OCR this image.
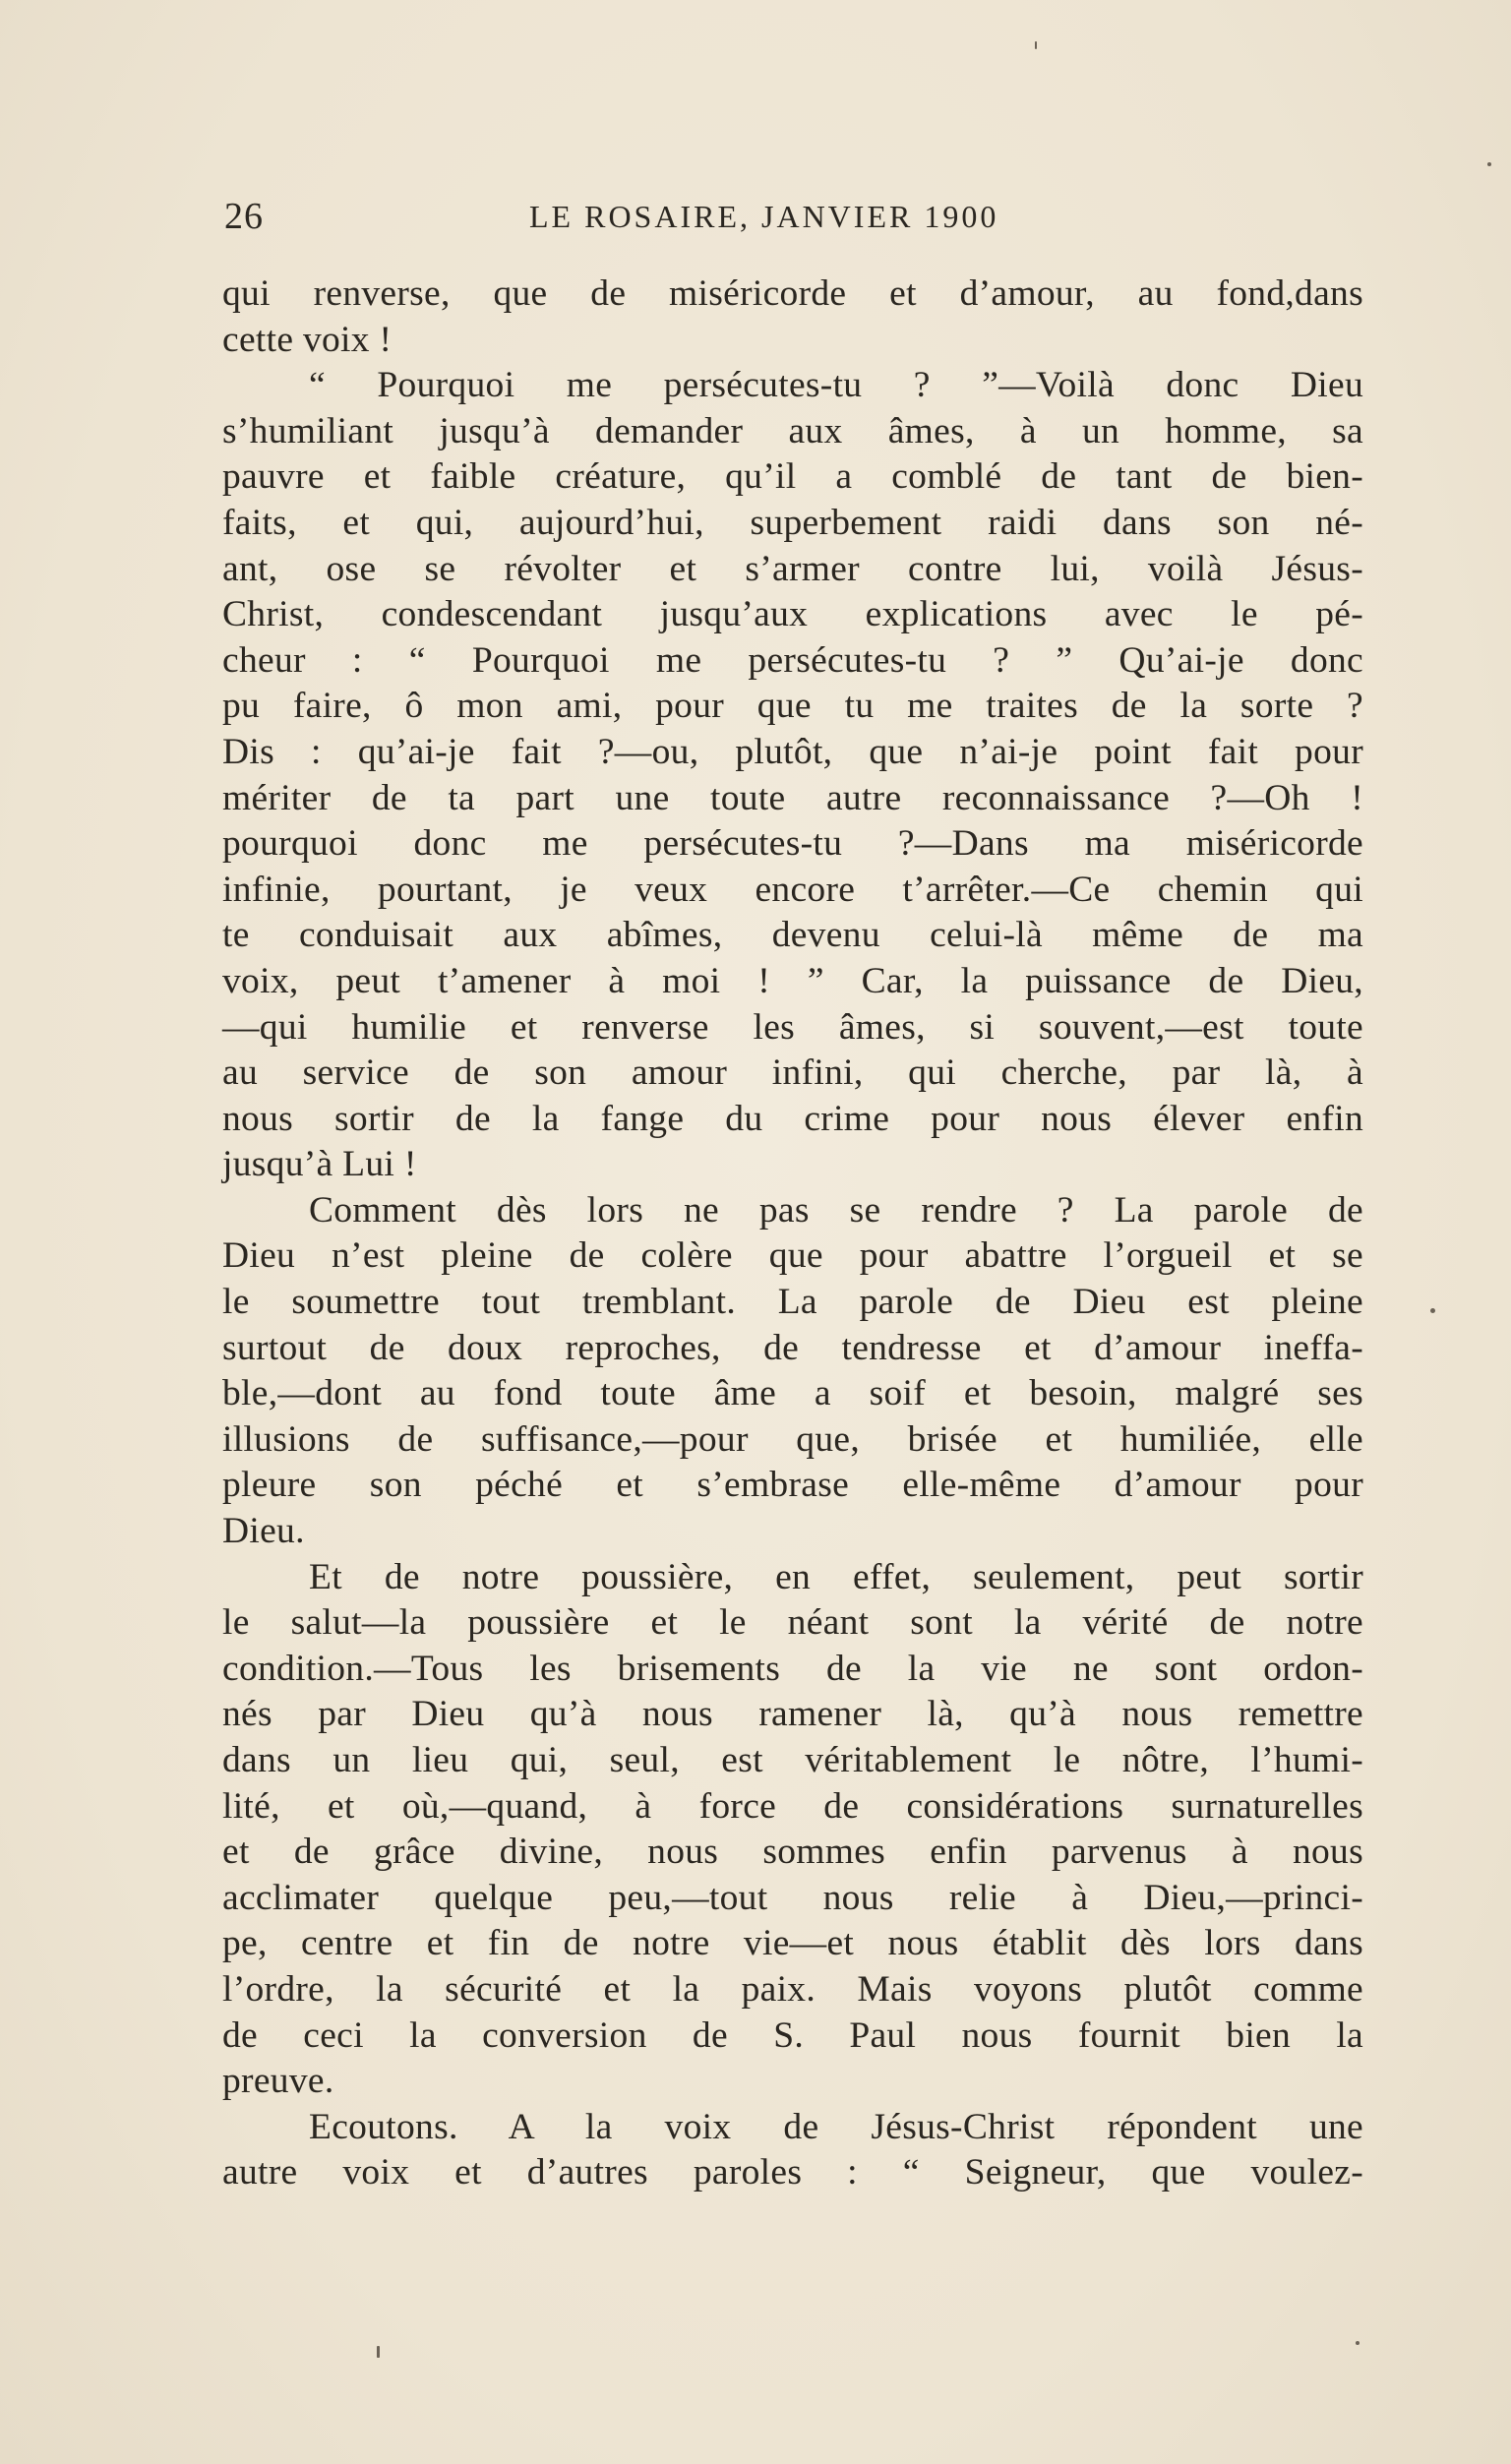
26	LE ROSAIRE, JANVIER 1900
qui renverse, que de miséricorde et d’amour, au fond,dans
cette voix !
“ Pourquoi me persécutes-tu ? ”—Voilà donc Dieu
s’humiliant jusqu’à demander aux âmes, à un homme, sa
pauvre et faible créature, qu’il a comblé de tant de bien-
faits, et qui, aujourd’hui, superbement raidi dans son né-
ant, ose se révolter et s’armer contre lui, voilà Jésus-
Christ, condescendant jusqu’aux explications avec le pé-
cheur : “ Pourquoi me persécutes-tu ? ” Qu’ai-je donc
pu faire, ô mon ami, pour que tu me traites de la sorte ?
Dis : qu’ai-je fait ?—ou, plutôt, que n’ai-je point fait pour
mériter de ta part une toute autre reconnaissance ?—Oh !
pourquoi donc me persécutes-tu ?—Dans ma miséricorde
infinie, pourtant, je veux encore t’arrêter.—Ce chemin qui
te conduisait aux abîmes, devenu celui-là même de ma
voix, peut t’amener à moi ! ” Car, la puissance de Dieu,
—qui humilie et renverse les âmes, si souvent,—est toute
au service de son amour infini, qui cherche, par là, à
nous sortir de la fange du crime pour nous élever enfin
jusqu’à Lui !
Comment dès lors ne pas se rendre ? La parole de
Dieu n’est pleine de colère que pour abattre l’orgueil et se
le soumettre tout tremblant. La parole de Dieu est pleine
surtout de doux reproches, de tendresse et d’amour ineffa-
ble,—dont au fond toute âme a soif et besoin, malgré ses
illusions de suffisance,—pour que, brisée et humiliée, elle
pleure son péché et s’embrase elle-même d’amour pour
Dieu.
Et de notre poussière, en effet, seulement, peut sortir
le salut—la poussière et le néant sont la vérité de notre
condition.—Tous les brisements de la vie ne sont ordon-
nés par Dieu qu’à nous ramener là, qu’à nous remettre
dans un lieu qui, seul, est véritablement le nôtre, l’humi-
lité, et où,—quand, à force de considérations surnaturelles
et de grâce divine, nous sommes enfin parvenus à nous
acclimater quelque peu,—tout nous relie à Dieu,—princi-
pe, centre et fin de notre vie—et nous établit dès lors dans
l’ordre, la sécurité et la paix. Mais voyons plutôt comme
de ceci la conversion de S. Paul nous fournit bien la
preuve.
Ecoutons. A la voix de Jésus-Christ répondent une
autre voix et d’autres paroles : “ Seigneur, que voulez-
